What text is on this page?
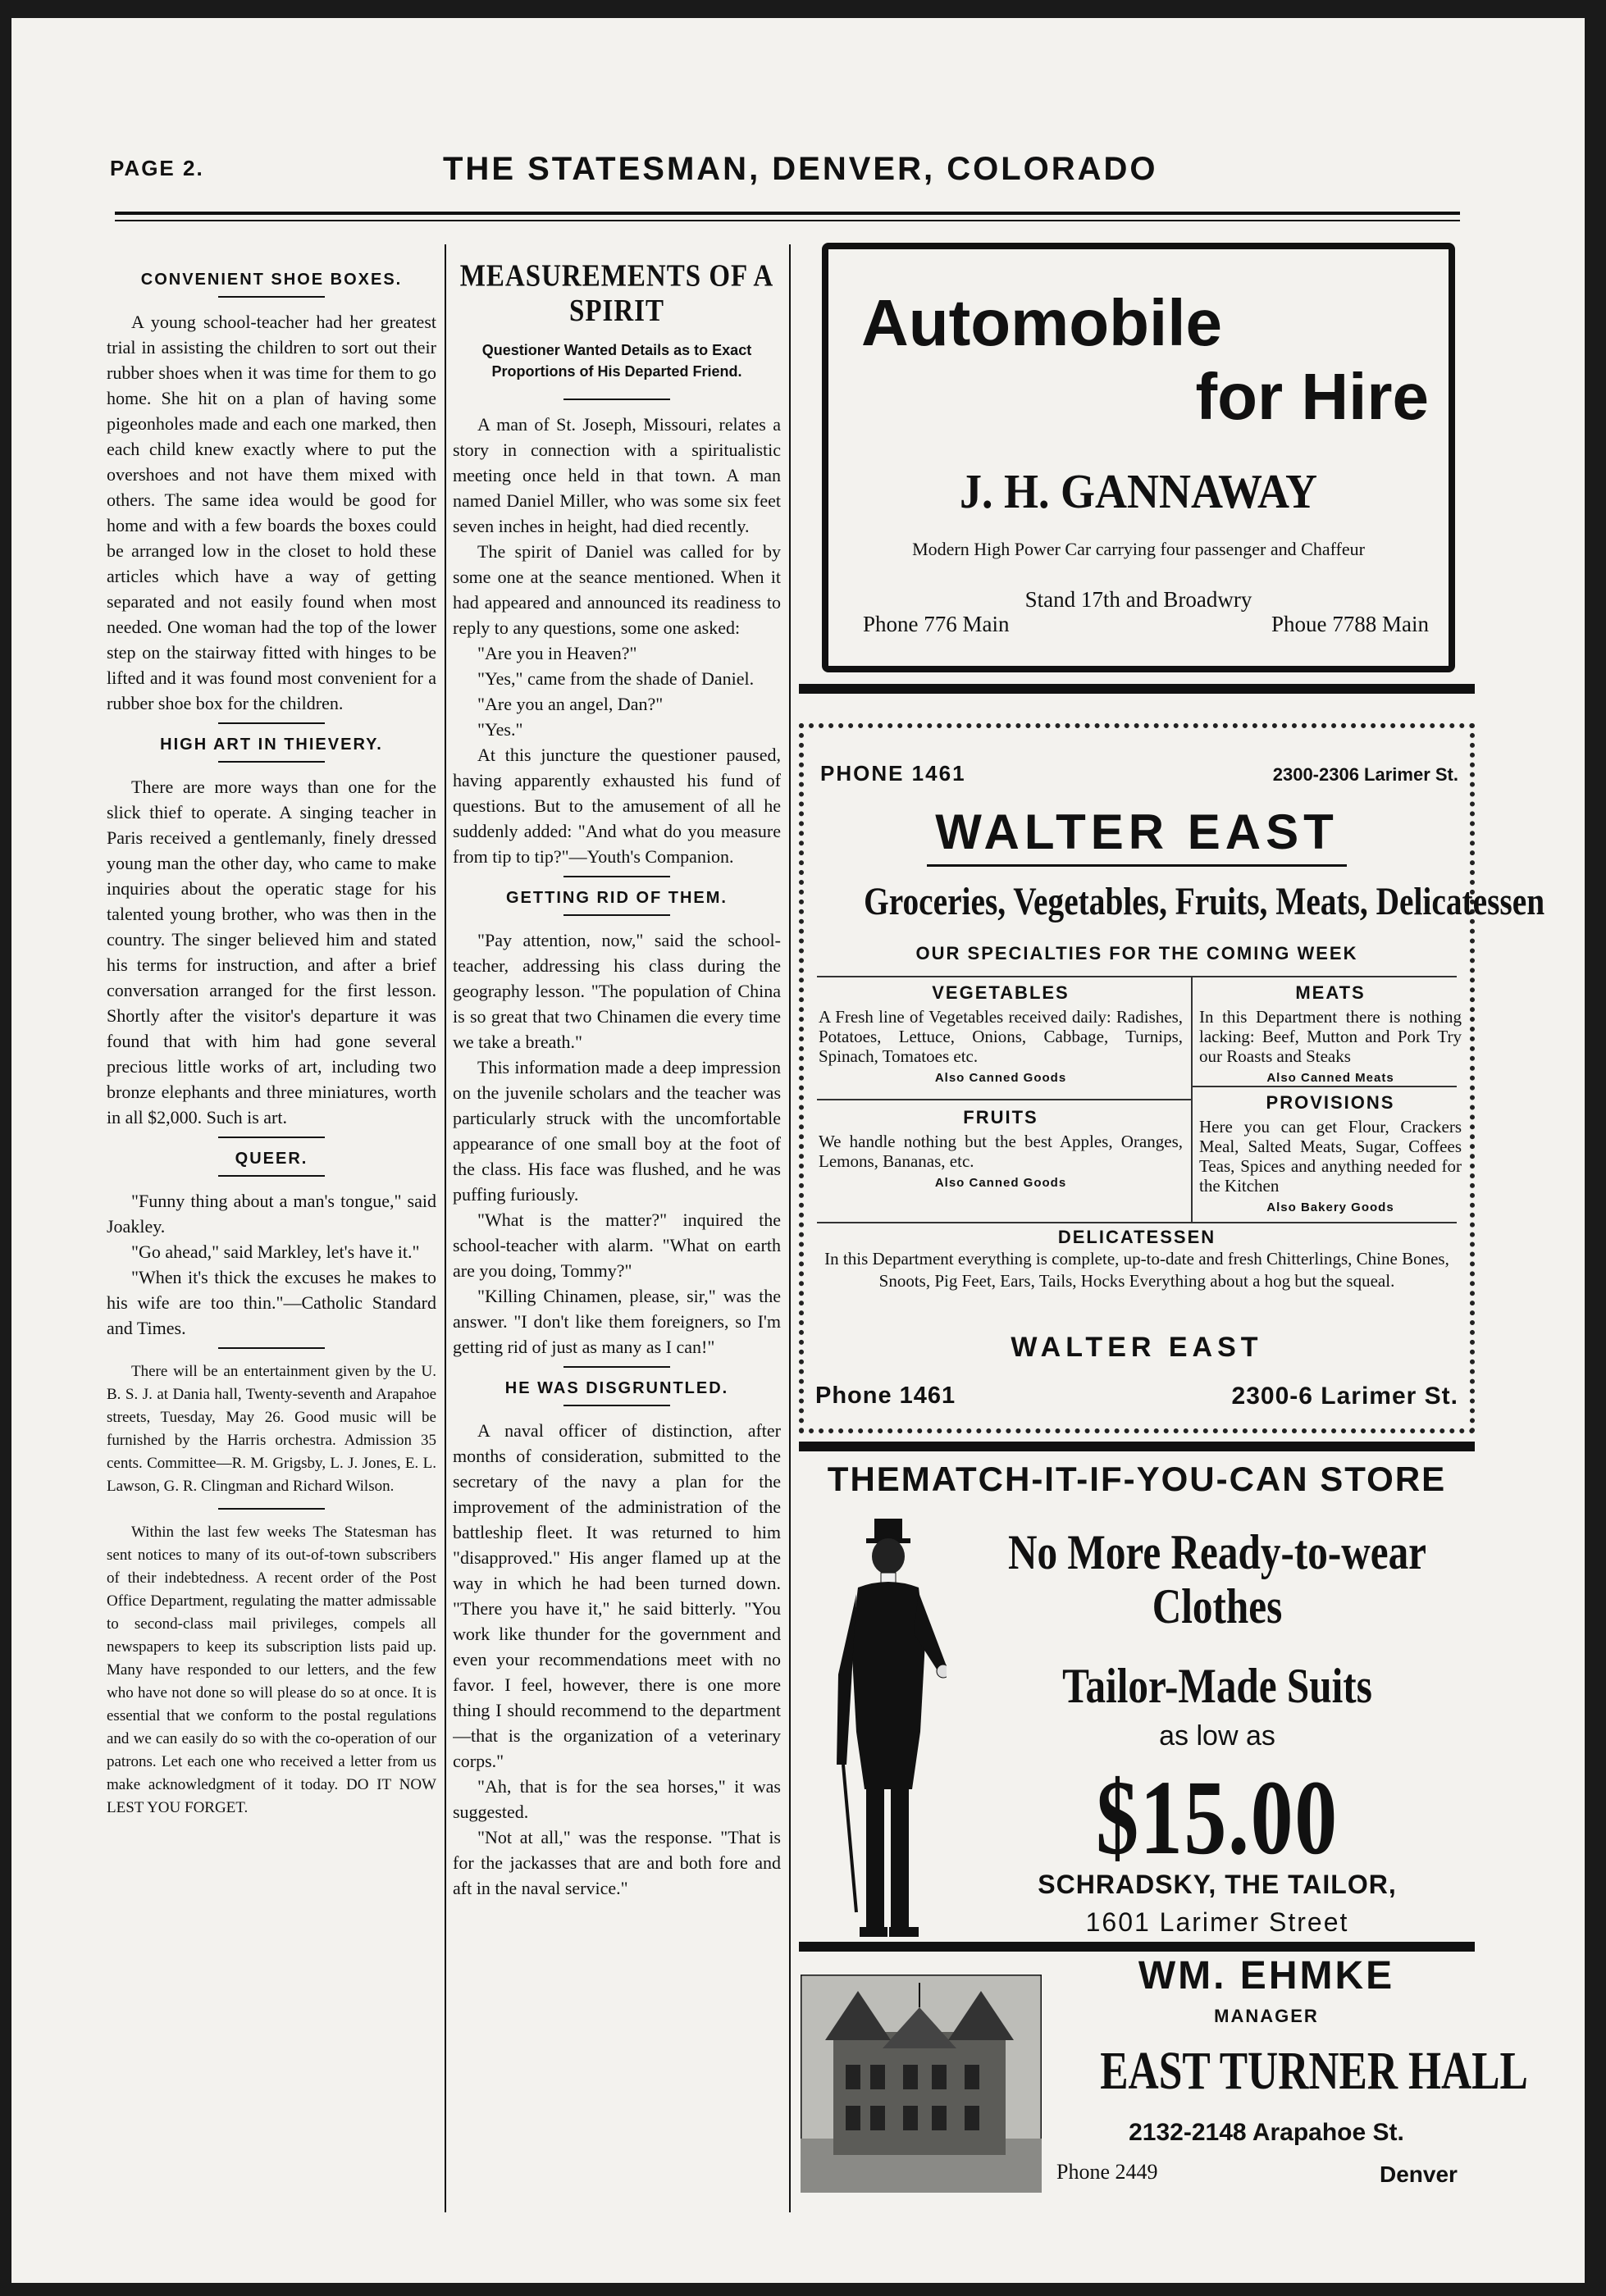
PAGE 2.	THE STATESMAN, DENVER, COLORADO
CONVENIENT SHOE BOXES.

A young school-teacher had her greatest trial in assisting the children to sort out their rubber shoes when it was time for them to go home. She hit on a plan of having some pigeonholes made and each one marked, then each child knew exactly where to put the overshoes and not have them mixed with others. The same idea would be good for home and with a few boards the boxes could be arranged low in the closet to hold these articles which have a way of getting separated and not easily found when most needed. One woman had the top of the lower step on the stairway fitted with hinges to be lifted and it was found most convenient for a rubber shoe box for the children.

HIGH ART IN THIEVERY.

There are more ways than one for the slick thief to operate. A singing teacher in Paris received a gentlemanly, finely dressed young man the other day, who came to make inquiries about the operatic stage for his talented young brother, who was then in the country. The singer believed him and stated his terms for instruction, and after a brief conversation arranged for the first lesson. Shortly after the visitor's departure it was found that with him had gone several precious little works of art, including two bronze elephants and three miniatures, worth in all $2,000. Such is art.

QUEER.

"Funny thing about a man's tongue," said Joakley.

"Go ahead," said Markley, let's have it."

"When it's thick the excuses he makes to his wife are too thin."—Catholic Standard and Times.

There will be an entertainment given by the U. B. S. J. at Dania hall, Twenty-seventh and Arapahoe streets, Tuesday, May 26. Good music will be furnished by the Harris orchestra. Admission 35 cents. Committee—R. M. Grigsby, L. J. Jones, E. L. Lawson, G. R. Clingman and Richard Wilson.

Within the last few weeks The Statesman has sent notices to many of its out-of-town subscribers of their indebtedness. A recent order of the Post Office Department, regulating the matter admissable to second-class mail privileges, compels all newspapers to keep its subscription lists paid up. Many have responded to our letters, and the few who have not done so will please do so at once. It is essential that we conform to the postal regulations and we can easily do so with the co-operation of our patrons. Let each one who received a letter from us make acknowledgment of it today. DO IT NOW LEST YOU FORGET.

MEASUREMENTS OF A SPIRIT
Questioner Wanted Details as to Exact Proportions of His Departed Friend.

A man of St. Joseph, Missouri, relates a story in connection with a spiritualistic meeting once held in that town. A man named Daniel Miller, who was some six feet seven inches in height, had died recently.

The spirit of Daniel was called for by some one at the seance mentioned. When it had appeared and announced its readiness to reply to any questions, some one asked:

"Are you in Heaven?"

"Yes," came from the shade of Daniel.

"Are you an angel, Dan?"

"Yes."

At this juncture the questioner paused, having apparently exhausted his fund of questions. But to the amusement of all he suddenly added: "And what do you measure from tip to tip?"—Youth's Companion.

GETTING RID OF THEM.

"Pay attention, now," said the school-teacher, addressing his class during the geography lesson. "The population of China is so great that two Chinamen die every time we take a breath."

This information made a deep impression on the juvenile scholars and the teacher was particularly struck with the uncomfortable appearance of one small boy at the foot of the class. His face was flushed, and he was puffing furiously.

"What is the matter?" inquired the school-teacher with alarm. "What on earth are you doing, Tommy?"

"Killing Chinamen, please, sir," was the answer. "I don't like them foreigners, so I'm getting rid of just as many as I can!"

HE WAS DISGRUNTLED.

A naval officer of distinction, after months of consideration, submitted to the secretary of the navy a plan for the improvement of the administration of the battleship fleet. It was returned to him "disapproved." His anger flamed up at the way in which he had been turned down. "There you have it," he said bitterly. "You work like thunder for the government and even your recommendations meet with no favor. I feel, however, there is one more thing I should recommend to the department—that is the organization of a veterinary corps."

"Ah, that is for the sea horses," it was suggested.

"Not at all," was the response. "That is for the jackasses that are and both fore and aft in the naval service."

Automobile
for Hire
J. H. GANNAWAY
Modern High Power Car carrying four passenger and Chaffeur
Stand 17th and Broadwry
Phone 776 Main	Phoue 7788 Main
PHONE 1461	2300-2306 Larimer St.
WALTER EAST
Groceries, Vegetables, Fruits, Meats, Delicatessen
OUR SPECIALTIES FOR THE COMING WEEK
VEGETABLES
A Fresh line of Vegetables received daily: Radishes, Potatoes, Lettuce, Onions, Cabbage, Turnips, Spinach, Tomatoes etc.
Also Canned Goods
MEATS
In this Department there is nothing lacking: Beef, Mutton and Pork Try our Roasts and Steaks
Also Canned Meats
FRUITS
We handle nothing but the best Apples, Oranges, Lemons, Bananas, etc.
Also Canned Goods
PROVISIONS
Here you can get Flour, Crackers Meal, Salted Meats, Sugar, Coffees Teas, Spices and anything needed for the Kitchen
Also Bakery Goods
DELICATESSEN
In this Department everything is complete, up-to-date and fresh Chitterlings, Chine Bones, Snoots, Pig Feet, Ears, Tails, Hocks Everything about a hog but the squeal.
WALTER EAST
Phone 1461	2300-6 Larimer St.
THEMATCH-IT-IF-YOU-CAN STORE
No More Ready-to-wear Clothes
Tailor-Made Suits
as low as
$15.00
SCHRADSKY, THE TAILOR,
1601 Larimer Street
WM. EHMKE
MANAGER
EAST TURNER HALL
2132-2148 Arapahoe St.
Phone 2449	Denver
